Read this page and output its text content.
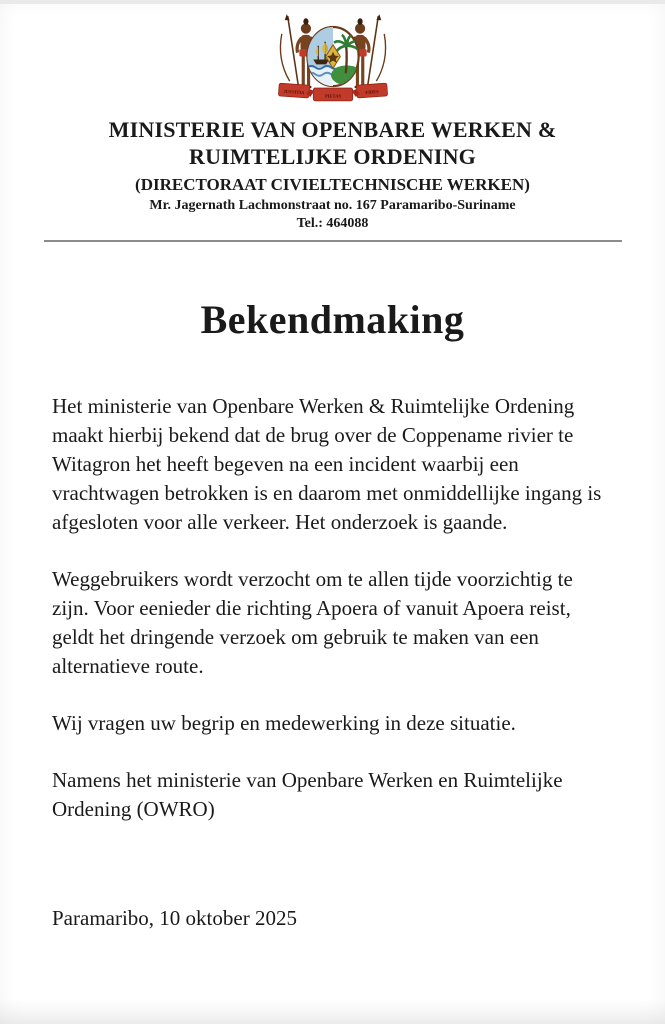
JUSTITIA
PIETAS
FIDES
MINISTERIE VAN OPENBARE WERKEN & RUIMTELIJKE ORDENING
(DIRECTORAAT CIVIELTECHNISCHE WERKEN)
Mr. Jagernath Lachmonstraat no. 167 Paramaribo-Suriname
Tel.: 464088
Bekendmaking

Het ministerie van Openbare Werken & Ruimtelijke Ordening maakt hierbij bekend dat de brug over de Coppename rivier te Witagron het heeft begeven na een incident waarbij een vrachtwagen betrokken is en daarom met onmiddellijke ingang is afgesloten voor alle verkeer. Het onderzoek is gaande.

Weggebruikers wordt verzocht om te allen tijde voorzichtig te zijn. Voor eenieder die richting Apoera of vanuit Apoera reist, geldt het dringende verzoek om gebruik te maken van een alternatieve route.

Wij vragen uw begrip en medewerking in deze situatie.

Namens het ministerie van Openbare Werken en Ruimtelijke Ordening (OWRO)

Paramaribo, 10 oktober 2025
